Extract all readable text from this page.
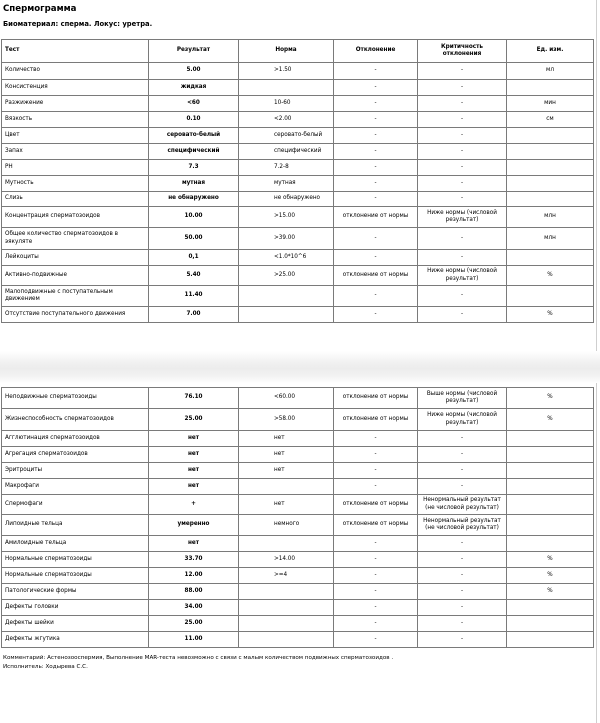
Спермограмма
Биоматериал: сперма. Локус: уретра.
Тест	Результат	Норма	Отклонение	Критичность отклонения	Ед. изм.
Количество	5.00	>1.50	-	-	мл
Консистенция	жидкая		-	-	
Разжижение	<60	10-60	-	-	мин
Вязкость	0.10	<2.00	-	-	см
Цвет	серовато-белый	серовато-белый	-	-	
Запах	специфический	специфический	-	-	
PH	7.3	7.2-8	-	-	
Мутность	мутная	мутная	-	-	
Слизь	не обнаружено	не обнаружено	-	-	
Концентрация сперматозоидов	10.00	>15.00	отклонение от нормы	Ниже нормы (числовой результат)	млн
Общее количество сперматозоидов в эякуляте	50.00	>39.00	-	-	млн
Лейкоциты	0,1	<1.0*10^6	-	-	
Активно-подвижные	5.40	>25.00	отклонение от нормы	Ниже нормы (числовой результат)	%
Малоподвижные с поступательным движением	11.40		-	-	
Отсутствие поступательного движения	7.00		-	-	%
Неподвижные сперматозоиды	76.10	<60.00	отклонение от нормы	Выше нормы (числовой результат)	%
Жизнеспособность сперматозоидов	25.00	>58.00	отклонение от нормы	Ниже нормы (числовой результат)	%
Агглютинация сперматозоидов	нет	нет	-	-	
Агрегация сперматозоидов	нет	нет	-	-	
Эритроциты	нет	нет	-	-	
Макрофаги	нет		-	-	
Спермофаги	+	нет	отклонение от нормы	Ненормальный результат (не числовой результат)	
Липоидные тельца	умеренно	немного	отклонение от нормы	Ненормальный результат (не числовой результат)	
Амилоидные тельца	нет		-	-	
Нормальные сперматозоиды	33.70	>14.00	-	-	%
Нормальные сперматозоиды	12.00	>=4	-	-	%
Патологические формы	88.00		-	-	%
Дефекты головки	34.00		-	-	
Дефекты шейки	25.00		-	-	
Дефекты жгутика	11.00		-	-	
Комментарий: Астенозооспермия, Выполнение MAR-теста невозможно с связи с малым количеством подвижных сперматозоидов .
Исполнитель: Ходырева С.С.
